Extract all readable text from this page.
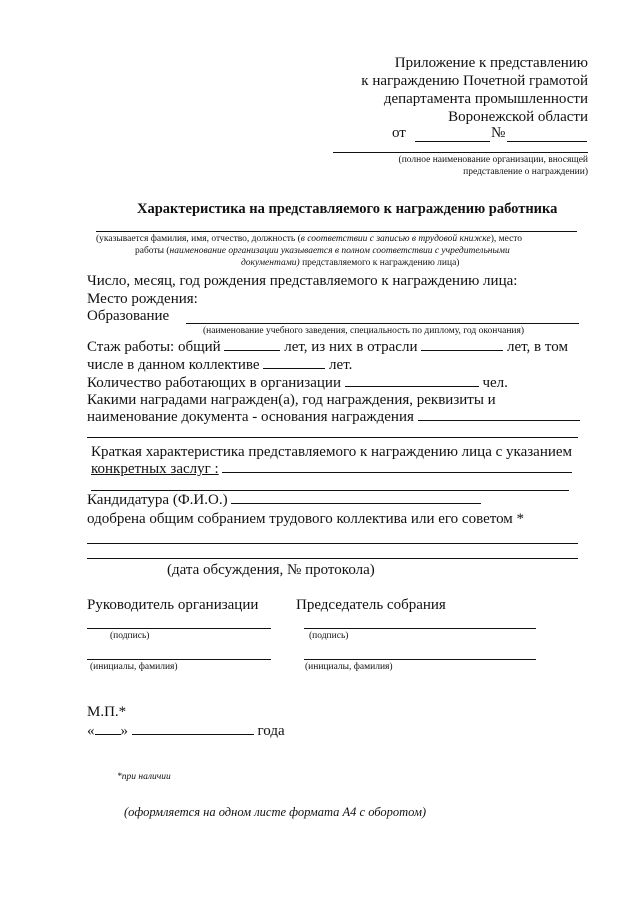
Приложение к представлению
к награждению Почетной грамотой
департамента промышленности
Воронежской области
от	№
(полное наименование организации, вносящей
представление о награждении)
Характеристика на представляемого к награждению работника
(указывается фамилия, имя, отчество, должность (в соответствии с записью в трудовой книжке), место
работы (наименование организации указывается в полном соответствии с учредительными
документами) представляемого к награждению лица)
Число, месяц, год рождения представляемого к награждению лица:
Место рождения:
Образование
(наименование учебного заведения, специальность по диплому, год окончания)
Стаж работы: общий	лет, из них в отрасли	лет, в том
числе в данном коллективе	лет.
Количество работающих в организации	чел.
Какими наградами награжден(а), год награждения, реквизиты и
наименование документа - основания награждения
Краткая характеристика представляемого к награждению лица с указанием
конкретных заслуг :
Кандидатура (Ф.И.О.)
одобрена общим собранием трудового коллектива или его советом *
(дата обсуждения, № протокола)
Руководитель организации	Председатель собрания
(подпись)	(подпись)
(инициалы, фамилия)	(инициалы, фамилия)
М.П.*
« »	года
*при наличии
(оформляется на одном листе формата А4 с оборотом)
